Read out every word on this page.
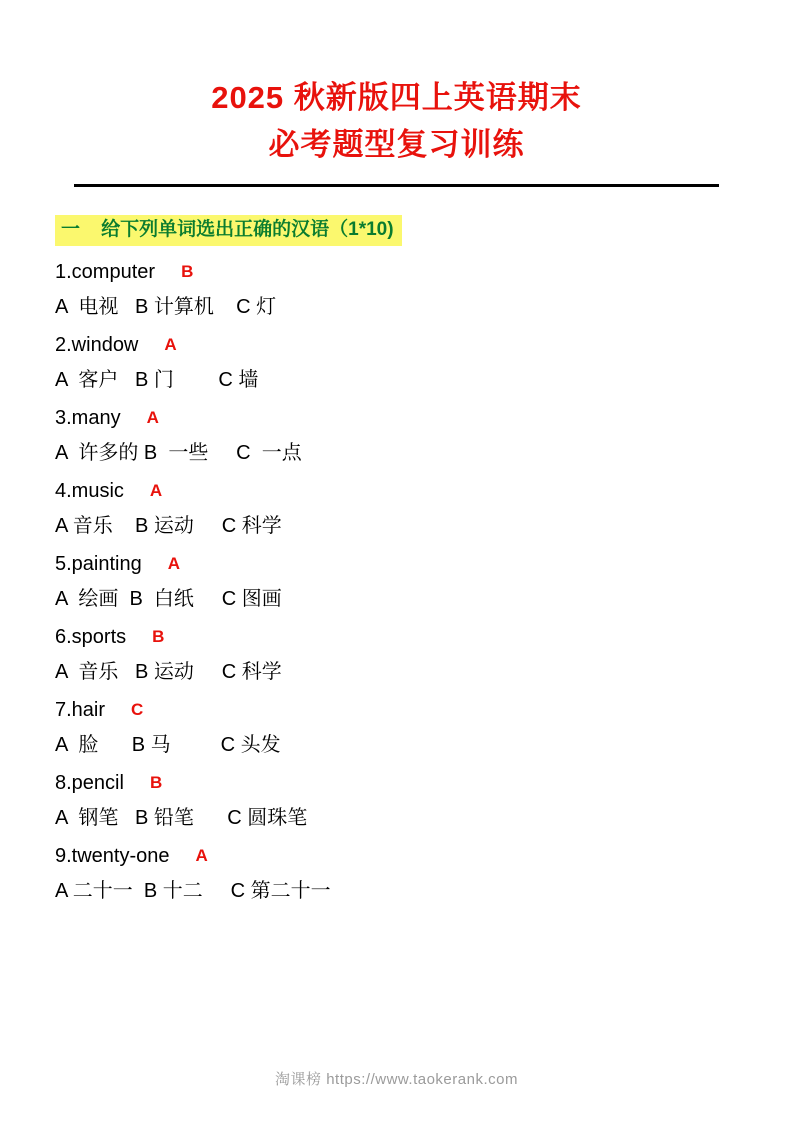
2025 秋新版四上英语期末
必考题型复习训练
一 给下列单词选出正确的汉语（1*10)
1.computer B
A  电视   B 计算机    C 灯
2.window A
A  客户   B 门        C 墙
3.many A
A  许多的 B  一些     C  一点
4.music A
A 音乐    B 运动     C 科学
5.painting A
A  绘画  B  白纸     C 图画
6.sports B
A  音乐   B 运动     C 科学
7.hair C
A  脸      B 马         C 头发
8.pencil B
A  钢笔   B 铅笔      C 圆珠笔
9.twenty-one A
A 二十一  B 十二     C 第二十一
淘课榜 https://www.taokerank.com
